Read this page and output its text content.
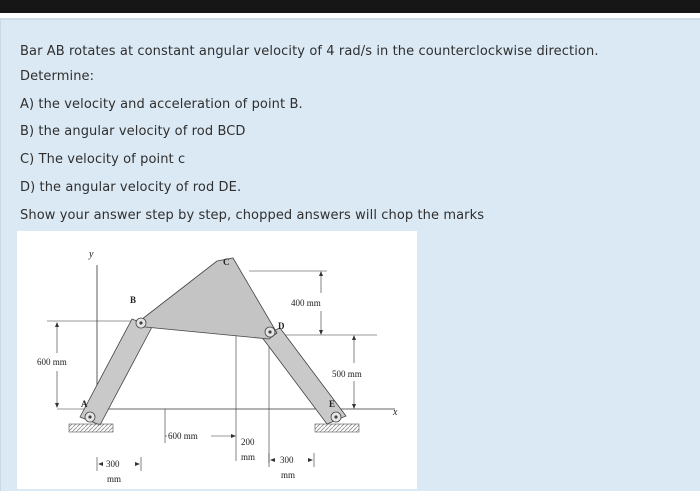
Bar AB rotates at constant angular velocity of 4 rad/s in the counterclockwise direction.
Determine:
A) the velocity and acceleration of point B.
B) the angular velocity of rod BCD
C) The velocity of point c
D) the angular velocity of rod DE.
Show your answer step by step, chopped answers will chop the marks
y
x
A
B
C
D
E
600 mm
400 mm
500 mm
600 mm
200
mm
300
mm
300
mm
